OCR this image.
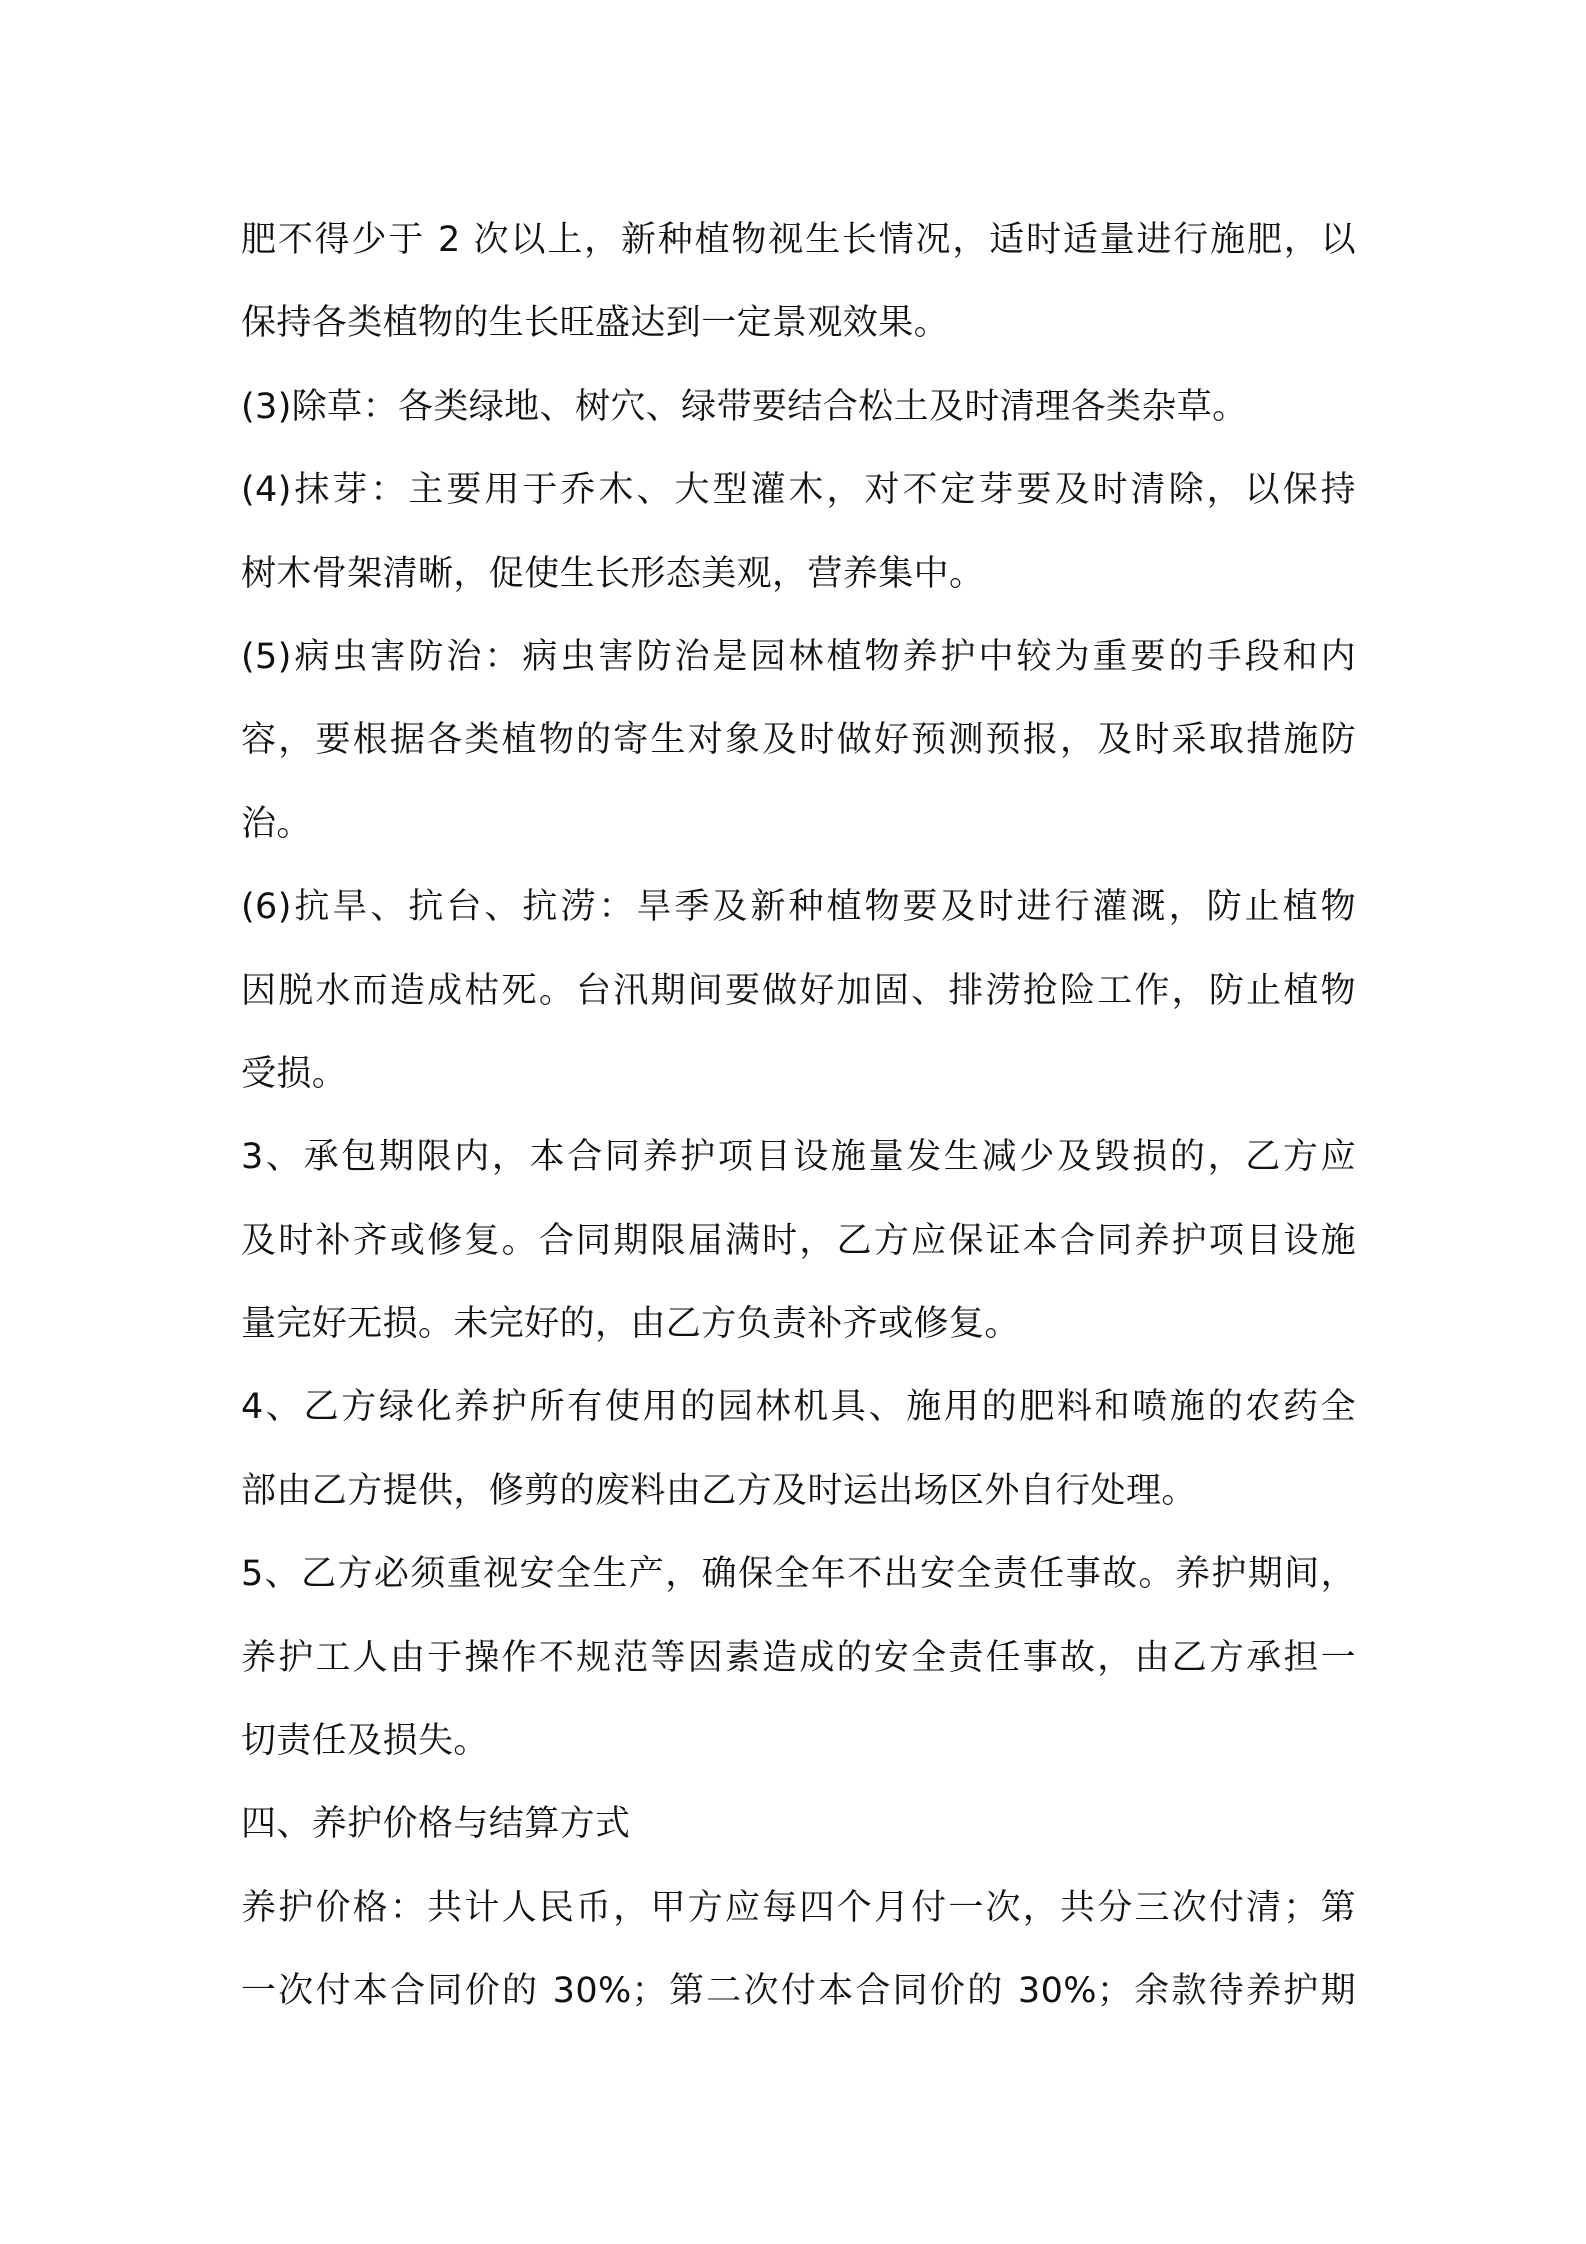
肥不得少于 2 次以上，新种植物视生长情况，适时适量进行施肥，以
保持各类植物的生长旺盛达到一定景观效果。
(3)除草：各类绿地、树穴、绿带要结合松土及时清理各类杂草。
(4)抹芽：主要用于乔木、大型灌木，对不定芽要及时清除，以保持
树木骨架清晰，促使生长形态美观，营养集中。
(5)病虫害防治：病虫害防治是园林植物养护中较为重要的手段和内
容，要根据各类植物的寄生对象及时做好预测预报，及时采取措施防
治。
(6)抗旱、抗台、抗涝：旱季及新种植物要及时进行灌溉，防止植物
因脱水而造成枯死。台汛期间要做好加固、排涝抢险工作，防止植物
受损。
3、承包期限内，本合同养护项目设施量发生减少及毁损的，乙方应
及时补齐或修复。合同期限届满时，乙方应保证本合同养护项目设施
量完好无损。未完好的，由乙方负责补齐或修复。
4、乙方绿化养护所有使用的园林机具、施用的肥料和喷施的农药全
部由乙方提供，修剪的废料由乙方及时运出场区外自行处理。
5、乙方必须重视安全生产，确保全年不出安全责任事故。养护期间，
养护工人由于操作不规范等因素造成的安全责任事故，由乙方承担一
切责任及损失。
四、养护价格与结算方式
养护价格：共计人民币，甲方应每四个月付一次，共分三次付清；第
一次付本合同价的 30%；第二次付本合同价的 30%；余款待养护期
